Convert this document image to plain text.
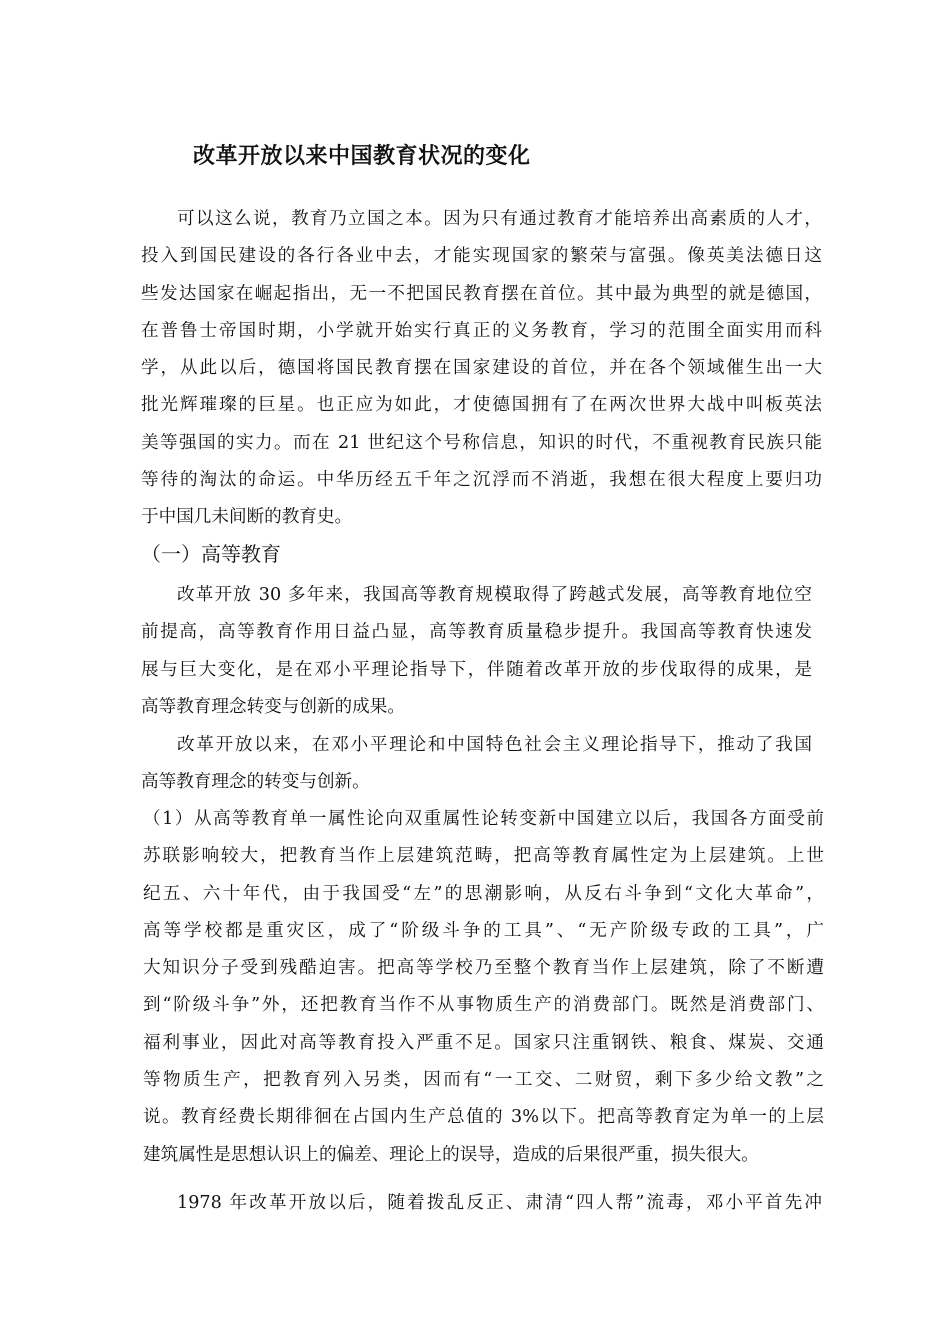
改革开放以来中国教育状况的变化
可以这么说，教育乃立国之本。因为只有通过教育才能培养出高素质的人才，
投入到国民建设的各行各业中去，才能实现国家的繁荣与富强。像英美法德日这
些发达国家在崛起指出，无一不把国民教育摆在首位。其中最为典型的就是德国，
在普鲁士帝国时期，小学就开始实行真正的义务教育，学习的范围全面实用而科
学，从此以后，德国将国民教育摆在国家建设的首位，并在各个领域催生出一大
批光辉璀璨的巨星。也正应为如此，才使德国拥有了在两次世界大战中叫板英法
美等强国的实力。而在 21 世纪这个号称信息，知识的时代，不重视教育民族只能
等待的淘汰的命运。中华历经五千年之沉浮而不消逝，我想在很大程度上要归功
于中国几未间断的教育史。
（一）高等教育
改革开放 30 多年来，我国高等教育规模取得了跨越式发展，高等教育地位空
前提高，高等教育作用日益凸显，高等教育质量稳步提升。我国高等教育快速发
展与巨大变化，是在邓小平理论指导下，伴随着改革开放的步伐取得的成果，是
高等教育理念转变与创新的成果。
改革开放以来，在邓小平理论和中国特色社会主义理论指导下，推动了我国
高等教育理念的转变与创新。
（1）从高等教育单一属性论向双重属性论转变新中国建立以后，我国各方面受前
苏联影响较大，把教育当作上层建筑范畴，把高等教育属性定为上层建筑。上世
纪五、六十年代，由于我国受“左”的思潮影响，从反右斗争到“文化大革命”，
高等学校都是重灾区，成了“阶级斗争的工具”、“无产阶级专政的工具”，广
大知识分子受到残酷迫害。把高等学校乃至整个教育当作上层建筑，除了不断遭
到“阶级斗争”外，还把教育当作不从事物质生产的消费部门。既然是消费部门、
福利事业，因此对高等教育投入严重不足。国家只注重钢铁、粮食、煤炭、交通
等物质生产，把教育列入另类，因而有“一工交、二财贸，剩下多少给文教”之
说。教育经费长期徘徊在占国内生产总值的 3%以下。把高等教育定为单一的上层
建筑属性是思想认识上的偏差、理论上的误导，造成的后果很严重，损失很大。
1978 年改革开放以后，随着拨乱反正、肃清“四人帮”流毒，邓小平首先冲
